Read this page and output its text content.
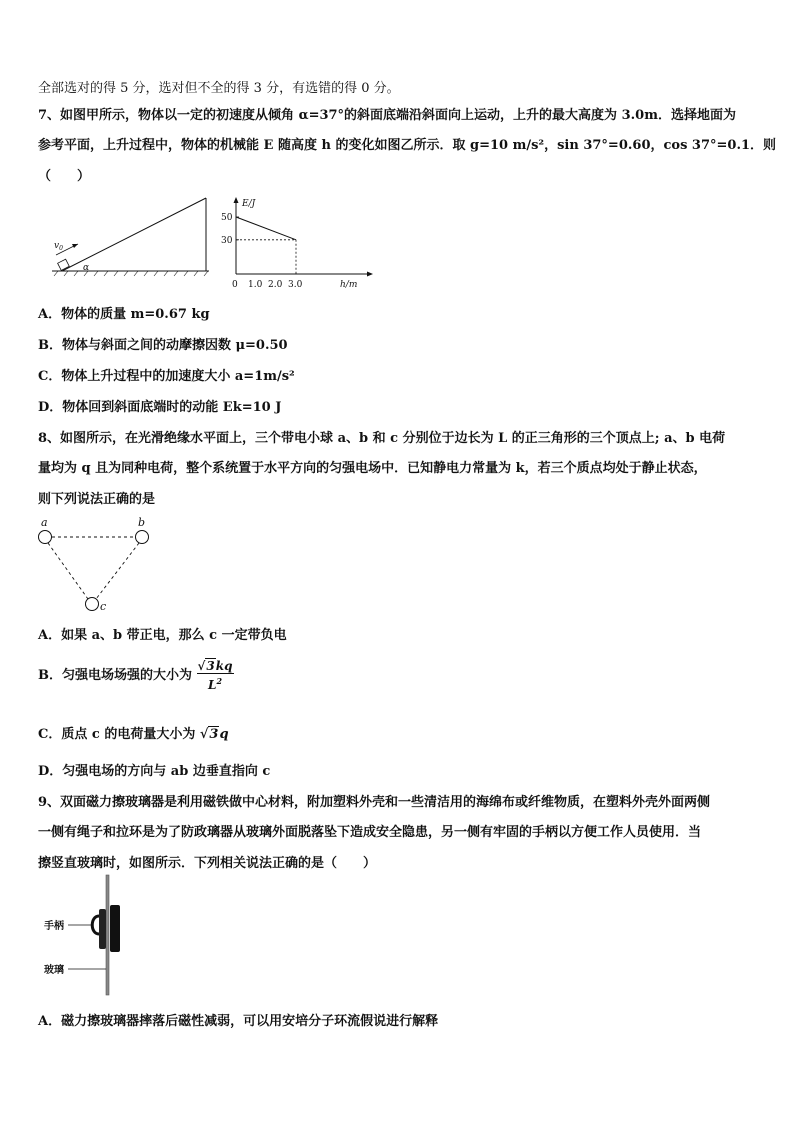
全部选对的得 5 分，选对但不全的得 3 分，有选错的得 0 分。
7、如图甲所示，物体以一定的初速度从倾角 α=37°的斜面底端沿斜面向上运动，上升的最大高度为 3.0m．选择地面为
参考平面，上升过程中，物体的机械能 E 随高度 h 的变化如图乙所示．取 g=10 m/s²，sin 37°=0.60，cos 37°=0.1．则
（　　）
$v_0$
α
E/J
h/m
30
50
0 1.0 2.0 3.0
A．物体的质量 m=0.67 kg
B．物体与斜面之间的动摩擦因数 μ=0.50
C．物体上升过程中的加速度大小 a=1m/s²
D．物体回到斜面底端时的动能 Ek=10 J
8、如图所示，在光滑绝缘水平面上，三个带电小球 a、b 和 c 分别位于边长为 L 的正三角形的三个顶点上; a、b 电荷
量均为 q 且为同种电荷，整个系统置于水平方向的匀强电场中．已知静电力常量为 k，若三个质点均处于静止状态，
则下列说法正确的是
a	b
c
A．如果 a、b 带正电，那么 c 一定带负电
B．匀强电场场强的大小为 $\frac{√3kq}{L^2}$
C．质点 c 的电荷量大小为 √3q
D．匀强电场的方向与 ab 边垂直指向 c
9、双面磁力擦玻璃器是利用磁铁做中心材料，附加塑料外壳和一些清洁用的海绵布或纤维物质，在塑料外壳外面两侧
一侧有绳子和拉环是为了防政璃器从玻璃外面脱落坠下造成安全隐患，另一侧有牢固的手柄以方便工作人员使用．当
擦竖直玻璃时，如图所示．下列相关说法正确的是（　　）
手柄
玻璃
A．磁力擦玻璃器摔落后磁性减弱，可以用安培分子环流假说进行解释
